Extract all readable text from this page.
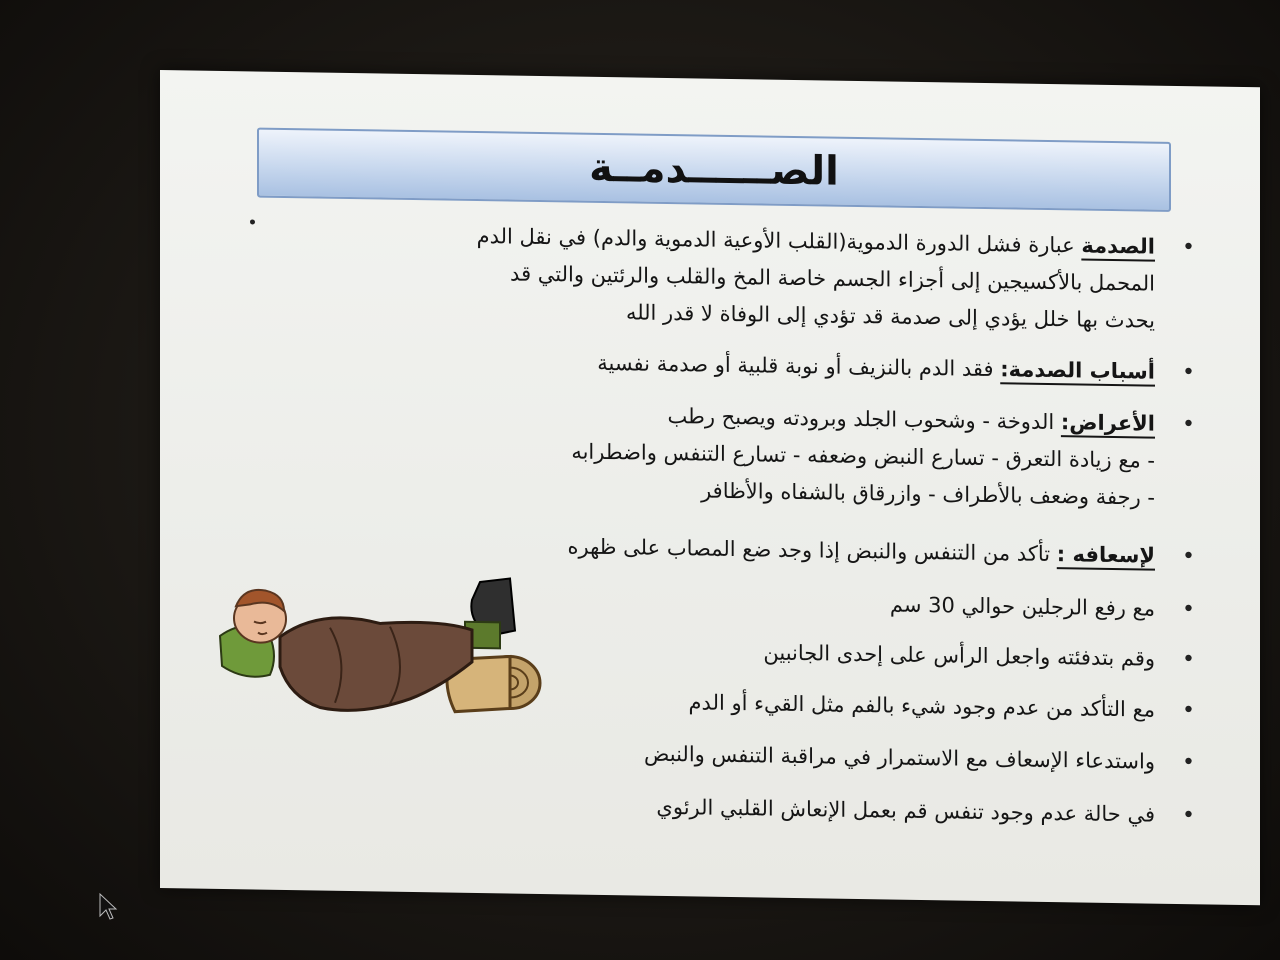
الصــــــدمــة
•
الصدمة عبارة فشل الدورة الدموية(القلب الأوعية الدموية والدم) في نقل الدم
المحمل بالأكسيجين إلى أجزاء الجسم خاصة المخ والقلب والرئتين والتي قد
يحدث بها خلل يؤدي إلى صدمة قد تؤدي إلى الوفاة لا قدر الله
•
أسباب الصدمة: فقد الدم بالنزيف أو نوبة قلبية أو صدمة نفسية
•
الأعراض: الدوخة - وشحوب الجلد وبرودته ويصبح رطب
- مع زيادة التعرق - تسارع النبض وضعفه - تسارع التنفس واضطرابه
- رجفة وضعف بالأطراف - وازرقاق بالشفاه والأظافر
•
لإسعافه : تأكد من التنفس والنبض إذا وجد ضع المصاب على ظهره
•
مع رفع الرجلين حوالي 30 سم
•
وقم بتدفئته واجعل الرأس على إحدى الجانبين
•
مع التأكد من عدم وجود شيء بالفم مثل القيء أو الدم
•
واستدعاء الإسعاف مع الاستمرار في مراقبة التنفس والنبض
•
في حالة عدم وجود تنفس قم بعمل الإنعاش القلبي الرئوي
